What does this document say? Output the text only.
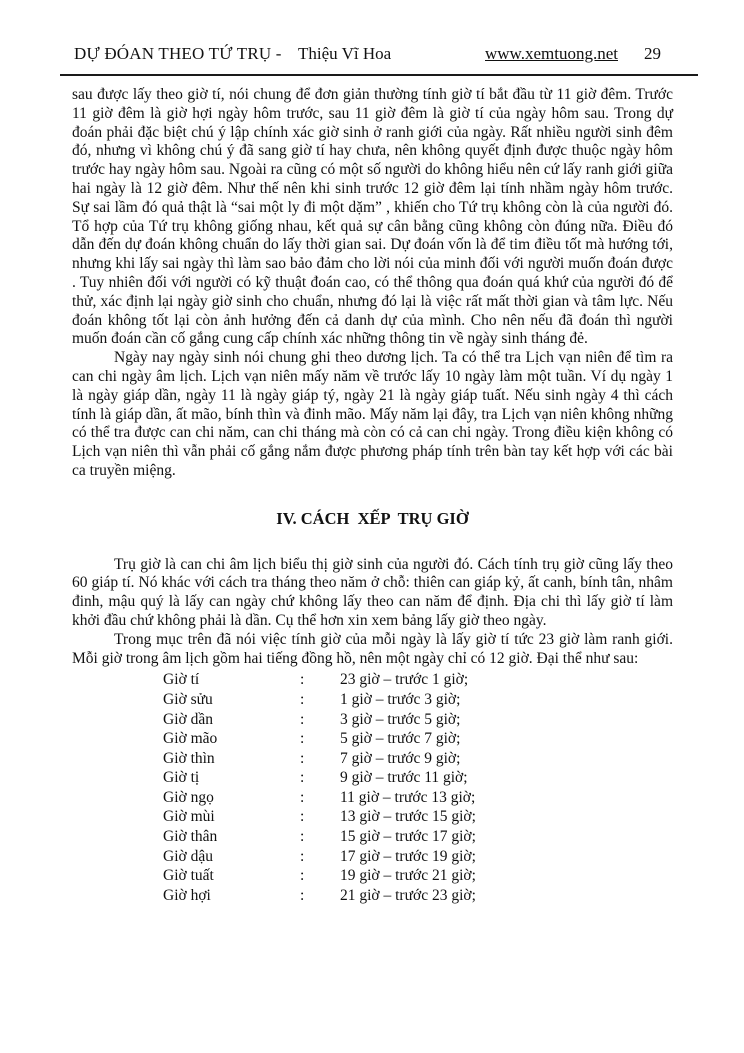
DỰ ĐÓAN THEO TỨ TRỤ - Thiệu Vĩ Hoa	www.xemtuong.net 29

sau được lấy theo giờ tí, nói chung để đơn giản thường tính giờ tí bắt đầu từ 11 giờ đêm. Trước 11 giờ đêm là giờ hợi ngày hôm trước, sau 11 giờ đêm là giờ tí của ngày hôm sau. Trong dự đoán phải đặc biệt chú ý lập chính xác giờ sinh ở ranh giới của ngày. Rất nhiều người sinh đêm đó, nhưng vì không chú ý đã sang giờ tí hay chưa, nên không quyết định được thuộc ngày hôm trước hay ngày hôm sau. Ngoài ra cũng có một số người do không hiểu nên cứ lấy ranh giới giữa hai ngày là 12 giờ đêm. Như thế nên khi sinh trước 12 giờ đêm lại tính nhầm ngày hôm trước. Sự sai lầm đó quả thật là “sai một ly đi một dặm” , khiến cho Tứ trụ không còn là của người đó. Tổ hợp của Tứ trụ không giống nhau, kết quả sự cân bằng cũng không còn đúng nữa. Điều đó dẫn đến dự đoán không chuẩn do lấy thời gian sai. Dự đoán vốn là để tim điều tốt mà hướng tới, nhưng khi lấy sai ngày thì làm sao bảo đảm cho lời nói của minh đối với người muốn đoán được . Tuy nhiên đối với người có kỹ thuật đoán cao, có thể thông qua đoán quá khứ của người đó để thử, xác định lại ngày giờ sinh cho chuẩn, nhưng đó lại là việc rất mất thời gian và tâm lực. Nếu đoán không tốt lại còn ảnh hưởng đến cả danh dự của mình. Cho nên nếu đã đoán thì người muốn đoán cần cố gắng cung cấp chính xác những thông tin về ngày sinh tháng đẻ.

Ngày nay ngày sinh nói chung ghi theo dương lịch. Ta có thể tra Lịch vạn niên để tìm ra can chi ngày âm lịch. Lịch vạn niên mấy năm về trước lấy 10 ngày làm một tuần. Ví dụ ngày 1 là ngày giáp dần, ngày 11 là ngày giáp tý, ngày 21 là ngày giáp tuất. Nếu sinh ngày 4 thì cách tính là giáp dần, ất mão, bính thìn và đinh mão. Mấy năm lại đây, tra Lịch vạn niên không những có thể tra được can chi năm, can chi tháng mà còn có cả can chi ngày. Trong điều kiện không có Lịch vạn niên thì vẫn phải cố gắng nắm được phương pháp tính trên bàn tay kết hợp với các bài ca truyền miệng.

IV. CÁCH  XẾP  TRỤ GIỜ

Trụ giờ là can chi âm lịch biểu thị giờ sinh của người đó. Cách tính trụ giờ cũng lấy theo 60 giáp tí. Nó khác với cách tra tháng theo năm ở chỗ: thiên can giáp kỷ, ất canh, bính tân, nhâm đinh, mậu quý là lấy can ngày chứ không lấy theo can năm để định. Địa chi thì lấy giờ tí làm khởi đầu chứ không phải là dần. Cụ thể hơn xin xem bảng lấy giờ theo ngày.

Trong mục trên đã nói việc tính giờ của mỗi ngày là lấy giờ tí tức 23 giờ làm ranh giới. Mỗi giờ trong âm lịch gồm hai tiếng đồng hồ, nên một ngày chỉ có 12 giờ. Đại thể như sau:

Giờ tí	:	23 giờ – trước 1 giờ;
Giờ sửu	:	1 giờ – trước 3 giờ;
Giờ dần	:	3 giờ – trước 5 giờ;
Giờ mão	:	5 giờ – trước 7 giờ;
Giờ thìn	:	7 giờ – trước 9 giờ;
Giờ tị	:	9 giờ – trước 11 giờ;
Giờ ngọ	:	11 giờ – trước 13 giờ;
Giờ mùi	:	13 giờ – trước 15 giờ;
Giờ thân	:	15 giờ – trước 17 giờ;
Giờ dậu	:	17 giờ – trước 19 giờ;
Giờ tuất	:	19 giờ – trước 21 giờ;
Giờ hợi	:	21 giờ – trước 23 giờ;
